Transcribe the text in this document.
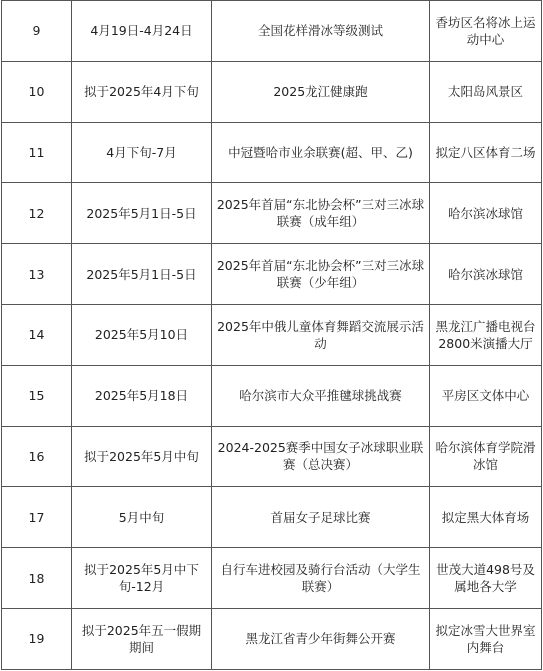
9	4月19日-4月24日	全国花样滑冰等级测试	香坊区名将冰上运动中心
10	拟于2025年4月下旬	2025龙江健康跑	太阳岛风景区
11	4月下旬-7月	中冠暨哈市业余联赛(超、甲、乙)	拟定八区体育二场
12	2025年5月1日-5日	2025年首届“东北协会杯”三对三冰球联赛（成年组）	哈尔滨冰球馆
13	2025年5月1日-5日	2025年首届“东北协会杯”三对三冰球联赛（少年组）	哈尔滨冰球馆
14	2025年5月10日	2025年中俄儿童体育舞蹈交流展示活动	黑龙江广播电视台2800米演播大厅
15	2025年5月18日	哈尔滨市大众平推毽球挑战赛	平房区文体中心
16	拟于2025年5月中旬	2024-2025赛季中国女子冰球职业联赛（总决赛）	哈尔滨体育学院滑冰馆
17	5月中旬	首届女子足球比赛	拟定黑大体育场
18	拟于2025年5月中下旬-12月	自行车进校园及骑行台活动（大学生联赛）	世茂大道498号及属地各大学
19	拟于2025年五一假期期间	黑龙江省青少年街舞公开赛	拟定冰雪大世界室内舞台
